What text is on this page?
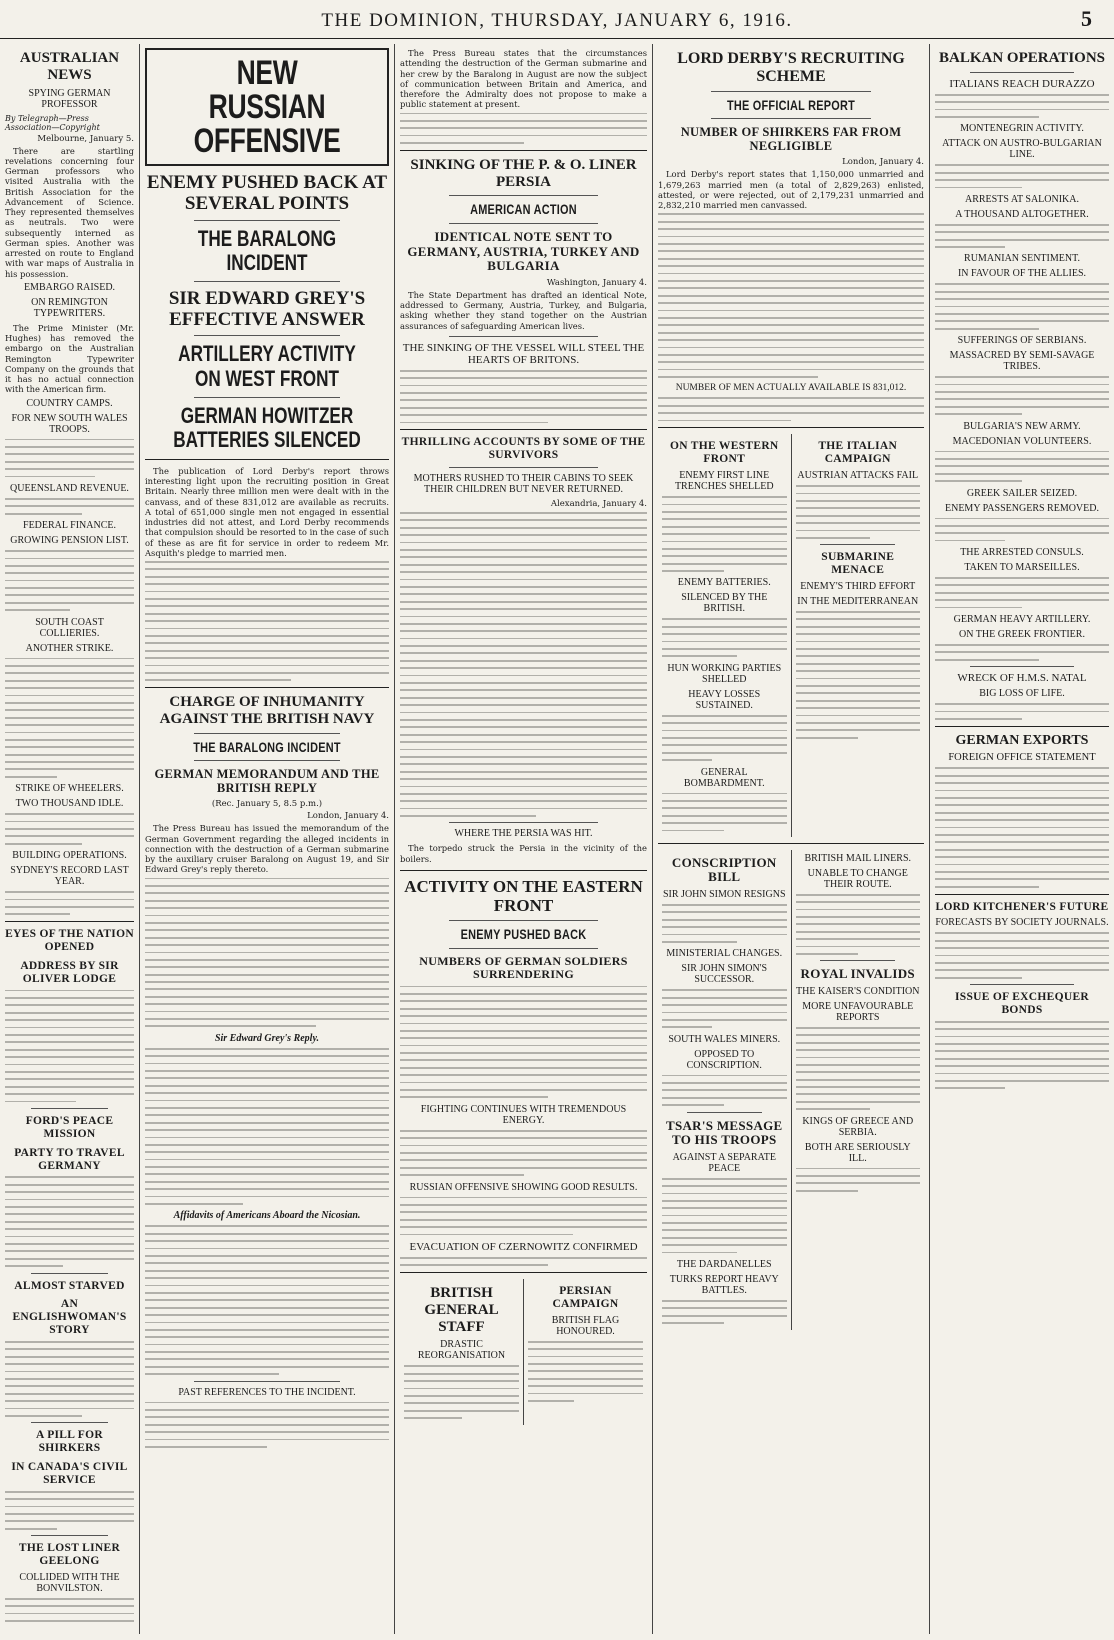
THE DOMINION, THURSDAY, JANUARY 6, 1916.	5
AUSTRALIAN NEWS
SPYING GERMAN PROFESSOR
By Telegraph—Press Association—Copyright
Melbourne, January 5.

There are startling revelations concerning four German professors who visited Australia with the British Association for the Advancement of Science. They represented themselves as neutrals. Two were subsequently interned as German spies. Another was arrested on route to England with war maps of Australia in his possession.

EMBARGO RAISED.
ON REMINGTON TYPEWRITERS.

The Prime Minister (Mr. Hughes) has removed the embargo on the Australian Remington Typewriter Company on the grounds that it has no actual connection with the American firm.

COUNTRY CAMPS.
FOR NEW SOUTH WALES TROOPS.
QUEENSLAND REVENUE.
FEDERAL FINANCE.
GROWING PENSION LIST.
SOUTH COAST COLLIERIES.
ANOTHER STRIKE.
STRIKE OF WHEELERS.
TWO THOUSAND IDLE.
BUILDING OPERATIONS.
SYDNEY'S RECORD LAST YEAR.
EYES OF THE NATION OPENED
ADDRESS BY SIR OLIVER LODGE
FORD'S PEACE MISSION
PARTY TO TRAVEL GERMANY
ALMOST STARVED
AN ENGLISHWOMAN'S STORY
A PILL FOR SHIRKERS
IN CANADA'S CIVIL SERVICE
THE LOST LINER GEELONG
COLLIDED WITH THE BONVILSTON.
NEW RUSSIAN OFFENSIVE
ENEMY PUSHED BACK AT SEVERAL POINTS
THE BARALONG INCIDENT
SIR EDWARD GREY'S EFFECTIVE ANSWER
ARTILLERY ACTIVITY ON WEST FRONT
GERMAN HOWITZER BATTERIES SILENCED

The publication of Lord Derby's report throws interesting light upon the recruiting position in Great Britain. Nearly three million men were dealt with in the canvass, and of these 831,012 are available as recruits. A total of 651,000 single men not engaged in essential industries did not attest, and Lord Derby recommends that compulsion should be resorted to in the case of such of these as are fit for service in order to redeem Mr. Asquith's pledge to married men.

CHARGE OF INHUMANITY AGAINST THE BRITISH NAVY
THE BARALONG INCIDENT
GERMAN MEMORANDUM AND THE BRITISH REPLY
(Rec. January 5, 8.5 p.m.)
London, January 4.

The Press Bureau has issued the memorandum of the German Government regarding the alleged incidents in connection with the destruction of a German submarine by the auxiliary cruiser Baralong on August 19, and Sir Edward Grey's reply thereto.

Sir Edward Grey's Reply.
Affidavits of Americans Aboard the Nicosian.
PAST REFERENCES TO THE INCIDENT.

The Press Bureau states that the circumstances attending the destruction of the German submarine and her crew by the Baralong in August are now the subject of communication between Britain and America, and therefore the Admiralty does not propose to make a public statement at present.

SINKING OF THE P. & O. LINER PERSIA
AMERICAN ACTION
IDENTICAL NOTE SENT TO GERMANY, AUSTRIA, TURKEY AND BULGARIA
Washington, January 4.

The State Department has drafted an identical Note, addressed to Germany, Austria, Turkey, and Bulgaria, asking whether they stand together on the Austrian assurances of safeguarding American lives.

THE SINKING OF THE VESSEL WILL STEEL THE HEARTS OF BRITONS.
THRILLING ACCOUNTS BY SOME OF THE SURVIVORS
MOTHERS RUSHED TO THEIR CABINS TO SEEK THEIR CHILDREN BUT NEVER RETURNED.
Alexandria, January 4.
WHERE THE PERSIA WAS HIT.

The torpedo struck the Persia in the vicinity of the boilers.

ACTIVITY ON THE EASTERN FRONT
ENEMY PUSHED BACK
NUMBERS OF GERMAN SOLDIERS SURRENDERING
FIGHTING CONTINUES WITH TREMENDOUS ENERGY.
RUSSIAN OFFENSIVE SHOWING GOOD RESULTS.
EVACUATION OF CZERNOWITZ CONFIRMED
BRITISH GENERAL STAFF
DRASTIC REORGANISATION
PERSIAN CAMPAIGN
BRITISH FLAG HONOURED.
LORD DERBY'S RECRUITING SCHEME
THE OFFICIAL REPORT
NUMBER OF SHIRKERS FAR FROM NEGLIGIBLE
London, January 4.

Lord Derby's report states that 1,150,000 unmarried and 1,679,263 married men (a total of 2,829,263) enlisted, attested, or were rejected, out of 2,179,231 unmarried and 2,832,210 married men canvassed.

NUMBER OF MEN ACTUALLY AVAILABLE IS 831,012.
ON THE WESTERN FRONT
ENEMY FIRST LINE TRENCHES SHELLED
ENEMY BATTERIES.
SILENCED BY THE BRITISH.
HUN WORKING PARTIES SHELLED
HEAVY LOSSES SUSTAINED.
GENERAL BOMBARDMENT.
THE ITALIAN CAMPAIGN
AUSTRIAN ATTACKS FAIL
SUBMARINE MENACE
ENEMY'S THIRD EFFORT
IN THE MEDITERRANEAN
CONSCRIPTION BILL
SIR JOHN SIMON RESIGNS
MINISTERIAL CHANGES.
SIR JOHN SIMON'S SUCCESSOR.
SOUTH WALES MINERS.
OPPOSED TO CONSCRIPTION.
TSAR'S MESSAGE TO HIS TROOPS
AGAINST A SEPARATE PEACE
THE DARDANELLES
TURKS REPORT HEAVY BATTLES.
BRITISH MAIL LINERS.
UNABLE TO CHANGE THEIR ROUTE.
ROYAL INVALIDS
THE KAISER'S CONDITION
MORE UNFAVOURABLE REPORTS
KINGS OF GREECE AND SERBIA.
BOTH ARE SERIOUSLY ILL.
BALKAN OPERATIONS
ITALIANS REACH DURAZZO
MONTENEGRIN ACTIVITY.
ATTACK ON AUSTRO-BULGARIAN LINE.
ARRESTS AT SALONIKA.
A THOUSAND ALTOGETHER.
RUMANIAN SENTIMENT.
IN FAVOUR OF THE ALLIES.
SUFFERINGS OF SERBIANS.
MASSACRED BY SEMI-SAVAGE TRIBES.
BULGARIA'S NEW ARMY.
MACEDONIAN VOLUNTEERS.
GREEK SAILER SEIZED.
ENEMY PASSENGERS REMOVED.
THE ARRESTED CONSULS.
TAKEN TO MARSEILLES.
GERMAN HEAVY ARTILLERY.
ON THE GREEK FRONTIER.
WRECK OF H.M.S. NATAL
BIG LOSS OF LIFE.
GERMAN EXPORTS
FOREIGN OFFICE STATEMENT
LORD KITCHENER'S FUTURE
FORECASTS BY SOCIETY JOURNALS.
ISSUE OF EXCHEQUER BONDS
